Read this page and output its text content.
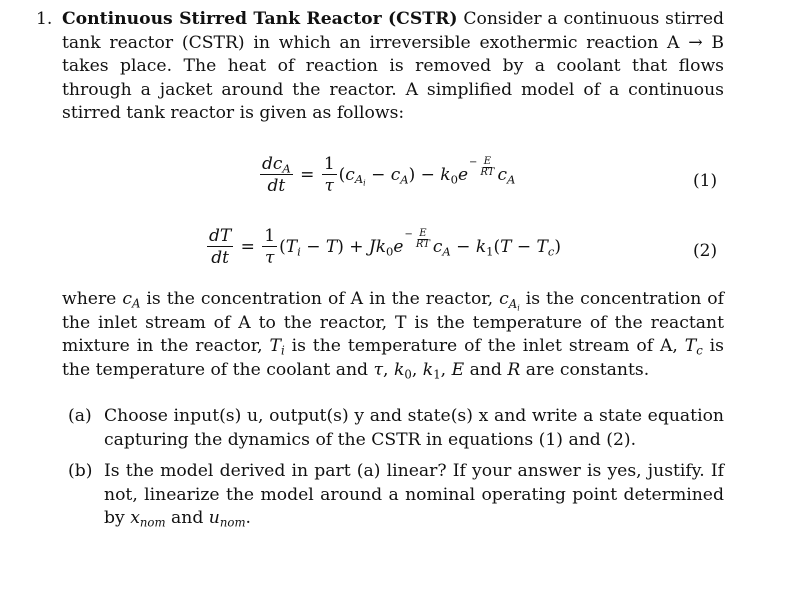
1. Continuous Stirred Tank Reactor (CSTR) Consider a continuous stirred tank reactor (CSTR) in which an irreversible exothermic reaction A → B takes place. The heat of reaction is removed by a coolant that flows through a jacket around the reactor. A simplified model of a continuous stirred tank reactor is given as follows:
$\frac{dc_A}{dt} = \frac{1}{\tau} (c_{A_i} - c_A) - k_0e$
− $\frac{E}{RT} c_A$	(1)
$\frac{dT}{dt} = \frac{1}{\tau} (T_i - T) + Jk_0e$
− $\frac{E}{RT} c_A - k_1(T - T_c)$	(2)
where $c_A$ is the concentration of A in the reactor, $c_{A_i}$ is the concentration of the inlet stream of A to the reactor, T is the temperature of the reactant mixture in the reactor, $T_i$ is the temperature of the inlet stream of A, $T_c$ is the temperature of the coolant and τ, $k_0$, $k_1$, E and R are constants.
(a) Choose input(s) u, output(s) y and state(s) x and write a state equation capturing the dynamics of the CSTR in equations (1) and (2).
(b) Is the model derived in part (a) linear? If your answer is yes, justify. If not, linearize the model around a nominal operating point determined by $x_{nom}$ and $u_{nom}$.
